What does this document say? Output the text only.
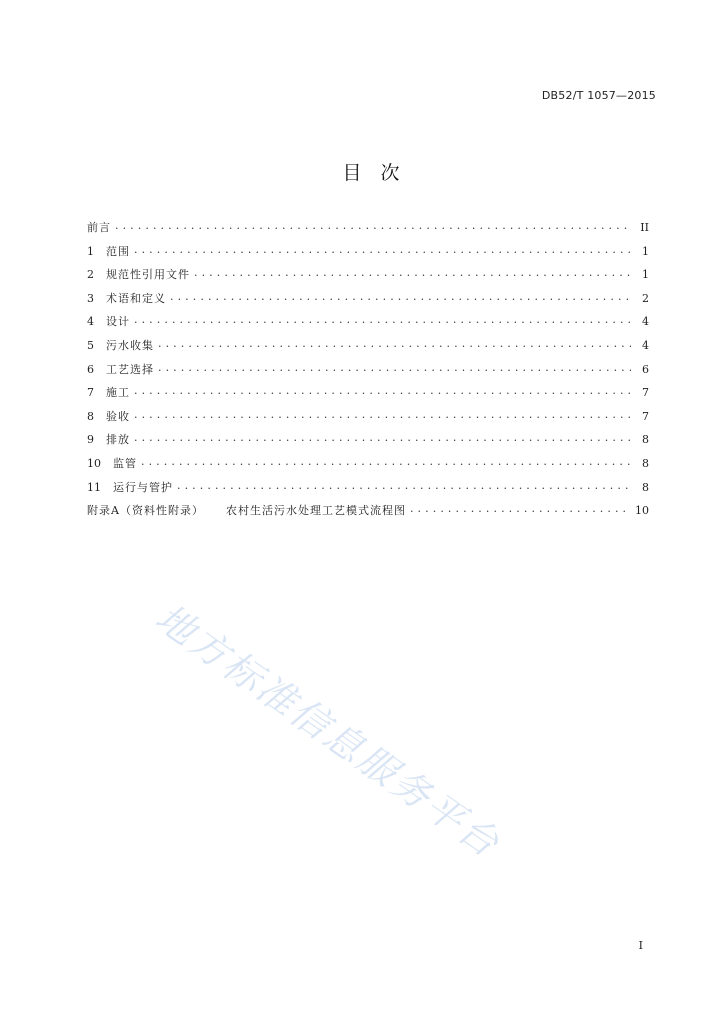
DB52/T 1057—2015
目　次
前言 . . .	II
1	范围 . . .	1
2	规范性引用文件 . . .	1
3	术语和定义 . . .	2
4	设计 . . .	4
5	污水收集 . . .	4
6	工艺选择 . . .	6
7	施工 . . .	7
8	验收 . . .	7
9	排放 . . .	8
10	监管 . . .	8
11	运行与管护 . . .	8
附录A（资料性附录） 农村生活污水处理工艺模式流程图 . . .	10
地方标准信息服务平台
I
